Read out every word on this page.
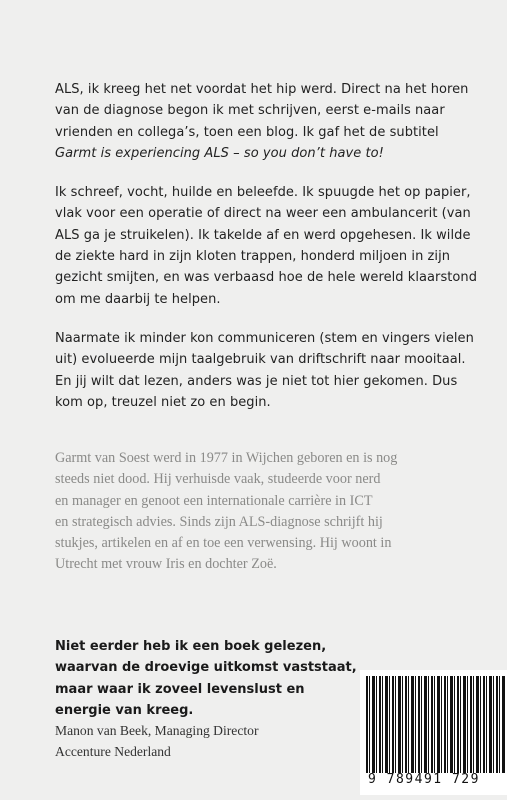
ALS, ik kreeg het net voordat het hip werd. Direct na het horen
van de diagnose begon ik met schrijven, eerst e-mails naar
vrienden en collega’s, toen een blog. Ik gaf het de subtitel
Garmt is experiencing ALS – so you don’t have to!

Ik schreef, vocht, huilde en beleefde. Ik spuugde het op papier,
vlak voor een operatie of direct na weer een ambulancerit (van
ALS ga je struikelen). Ik takelde af en werd opgehesen. Ik wilde
de ziekte hard in zijn kloten trappen, honderd miljoen in zijn
gezicht smijten, en was verbaasd hoe de hele wereld klaarstond
om me daarbij te helpen.

Naarmate ik minder kon communiceren (stem en vingers vielen
uit) evolueerde mijn taalgebruik van driftschrift naar mooitaal.
En jij wilt dat lezen, anders was je niet tot hier gekomen. Dus
kom op, treuzel niet zo en begin.

Garmt van Soest werd in 1977 in Wijchen geboren en is nog
steeds niet dood. Hij verhuisde vaak, studeerde voor nerd
en manager en genoot een internationale carrière in ICT
en strategisch advies. Sinds zijn ALS-diagnose schrijft hij
stukjes, artikelen en af en toe een verwensing. Hij woont in
Utrecht met vrouw Iris en dochter Zoë.
Niet eerder heb ik een boek gelezen,
waarvan de droevige uitkomst vaststaat,
maar waar ik zoveel levenslust en
energie van kreeg.
Manon van Beek, Managing Director
Accenture Nederland
9 789491 729
